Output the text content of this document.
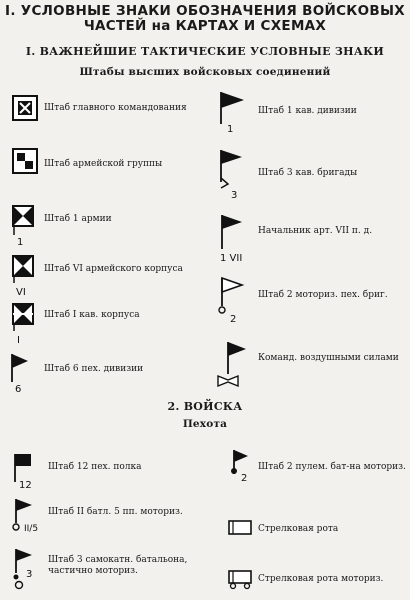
I. УСЛОВНЫЕ ЗНАКИ ОБОЗНАЧЕНИЯ ВОЙСКОВЫХ
ЧАСТЕЙ на КАРТАХ И СХЕМАХ
I. ВАЖНЕЙШИЕ ТАКТИЧЕСКИЕ УСЛОВНЫЕ ЗНАКИ
Штабы высших войсковых соединений
Штаб главного командования
Штаб армейской группы
1
Штаб 1 армии
VI
Штаб VI армейского корпуса
I
Штаб I кав. корпуса
6
Штаб 6 пех. дивизии
1
Штаб 1 кав. дивизии
3
Штаб 3 кав. бригады
1 VII
Начальник арт. VII п. д.
2
Штаб 2 моториз. пех. бриг.
Команд. воздушными силами
2. ВОЙСКА
Пехота
12
Штаб 12 пех. полка
II/5
Штаб II батл. 5 пп. моториз.
3
Штаб 3 самокатн. батальона,
частично моториз.
2
Штаб 2 пулем. бат-на моториз.
Стрелковая рота
Стрелковая рота моториз.
